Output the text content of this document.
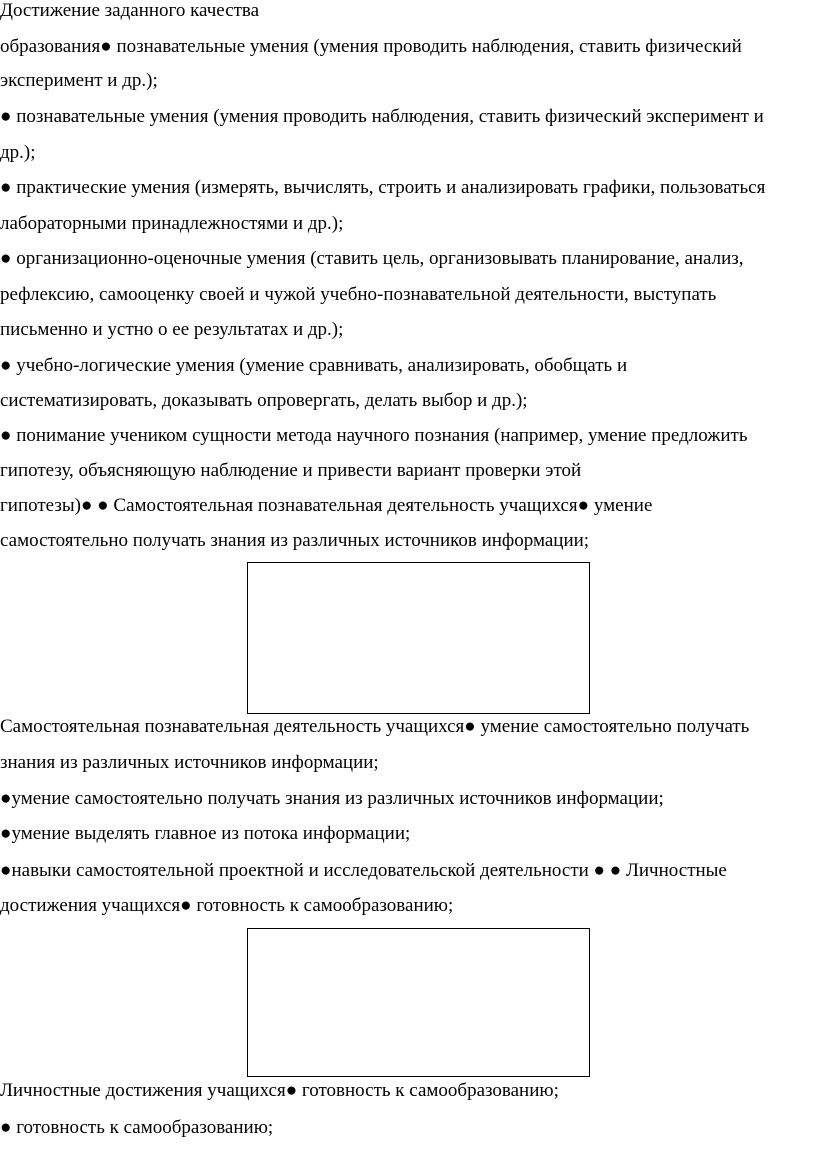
Достижение заданного качества
образования● познавательные умения (умения проводить наблюдения, ставить физический
эксперимент и др.);
● познавательные умения (умения проводить наблюдения, ставить физический эксперимент и
др.);
● практические умения (измерять, вычислять, строить и анализировать графики, пользоваться
лабораторными принадлежностями и др.);
● организационно-оценочные умения (ставить цель, организовывать планирование, анализ,
рефлексию, самооценку своей и чужой учебно-познавательной деятельности, выступать
письменно и устно о ее результатах и др.);
● учебно-логические умения (умение сравнивать, анализировать, обобщать и
систематизировать, доказывать опровергать, делать выбор и др.);
● понимание учеником сущности метода научного познания (например, умение предложить
гипотезу, объясняющую наблюдение и привести вариант проверки этой
гипотезы)● ● Самостоятельная познавательная деятельность учащихся● умение
самостоятельно получать знания из различных источников информации;
Самостоятельная познавательная деятельность учащихся● умение самостоятельно получать
знания из различных источников информации;
●умение самостоятельно получать знания из различных источников информации;
●умение выделять главное из потока информации;
●навыки самостоятельной проектной и исследовательской деятельности ● ● Личностные
достижения учащихся● готовность к самообразованию;
Личностные достижения учащихся● готовность к самообразованию;
● готовность к самообразованию;
